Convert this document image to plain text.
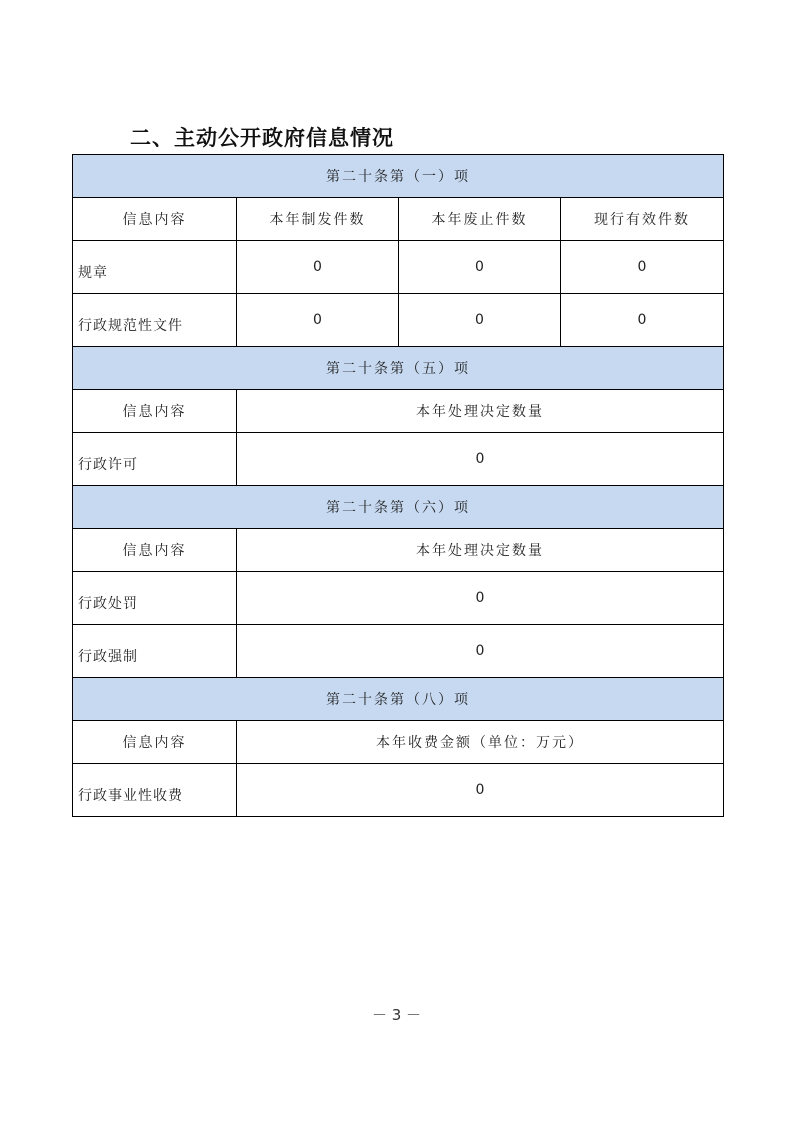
二、主动公开政府信息情况
第二十条第（一）项			
信息内容	本年制发件数	本年废止件数	现行有效件数
规章	0	0	0
行政规范性文件	0	0	0
第二十条第（五）项			
信息内容	本年处理决定数量		
行政许可	0		
第二十条第（六）项			
信息内容	本年处理决定数量		
行政处罚	0		
行政强制	0		
第二十条第（八）项			
信息内容	本年收费金额（单位：万元）		
行政事业性收费	0		
－ 3 －
